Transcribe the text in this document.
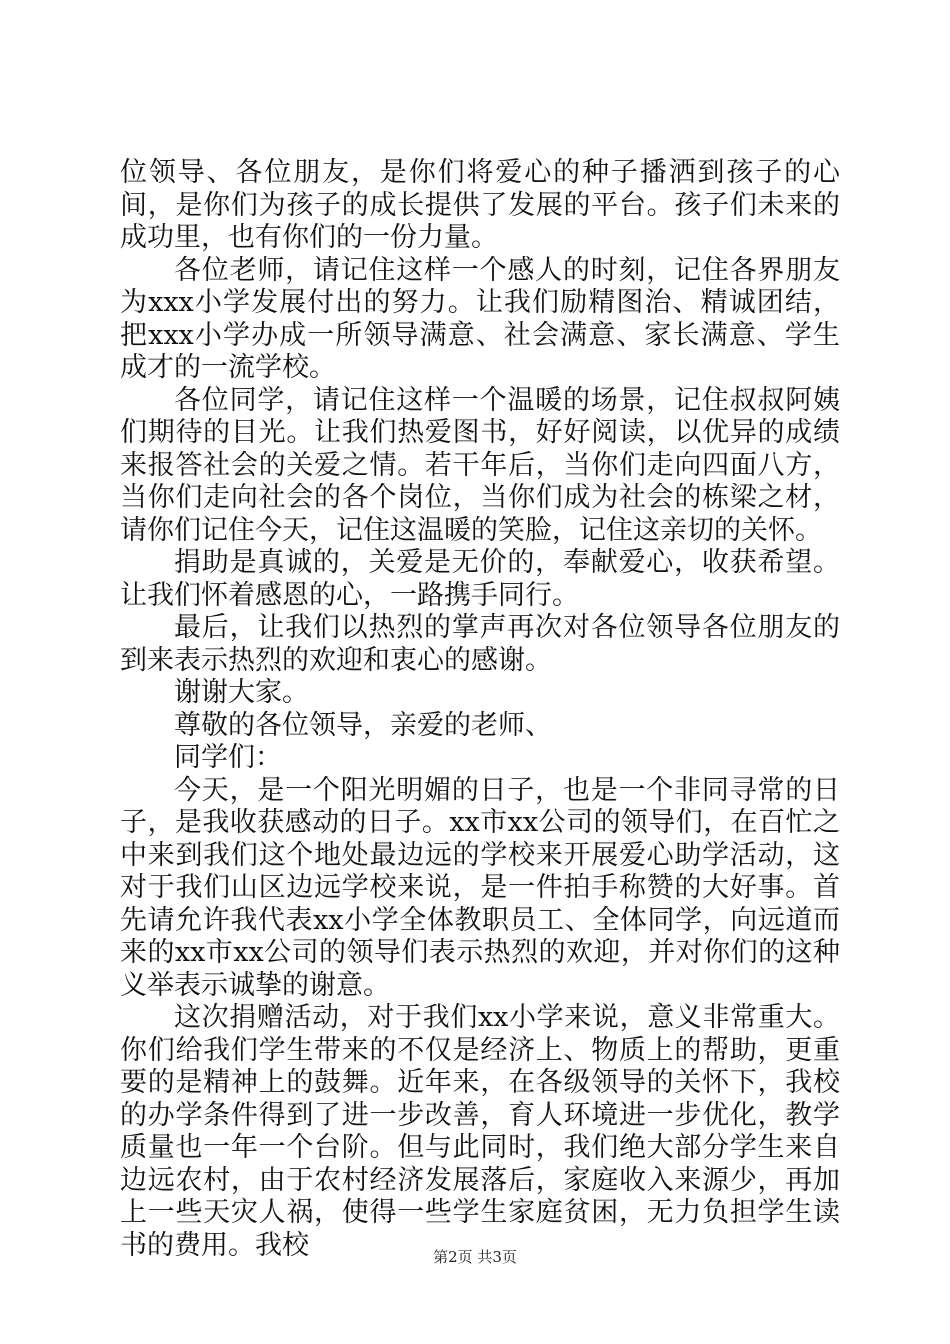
位领导、各位朋友，是你们将爱心的种子播洒到孩子的心间，是你们为孩子的成长提供了发展的平台。孩子们未来的成功里，也有你们的一份力量。

各位老师，请记住这样一个感人的时刻，记住各界朋友为xxx小学发展付出的努力。让我们励精图治、精诚团结，把xxx小学办成一所领导满意、社会满意、家长满意、学生成才的一流学校。

各位同学，请记住这样一个温暖的场景，记住叔叔阿姨们期待的目光。让我们热爱图书，好好阅读，以优异的成绩来报答社会的关爱之情。若干年后，当你们走向四面八方，当你们走向社会的各个岗位，当你们成为社会的栋梁之材，请你们记住今天，记住这温暖的笑脸，记住这亲切的关怀。

捐助是真诚的，关爱是无价的，奉献爱心，收获希望。让我们怀着感恩的心，一路携手同行。

最后，让我们以热烈的掌声再次对各位领导各位朋友的到来表示热烈的欢迎和衷心的感谢。

谢谢大家。

尊敬的各位领导，亲爱的老师、

同学们：

今天，是一个阳光明媚的日子，也是一个非同寻常的日子，是我收获感动的日子。xx市xx公司的领导们，在百忙之中来到我们这个地处最边远的学校来开展爱心助学活动，这对于我们山区边远学校来说，是一件拍手称赞的大好事。首先请允许我代表xx小学全体教职员工、全体同学，向远道而来的xx市xx公司的领导们表示热烈的欢迎，并对你们的这种义举表示诚挚的谢意。

这次捐赠活动，对于我们xx小学来说，意义非常重大。你们给我们学生带来的不仅是经济上、物质上的帮助，更重要的是精神上的鼓舞。近年来，在各级领导的关怀下，我校的办学条件得到了进一步改善，育人环境进一步优化，教学质量也一年一个台阶。但与此同时，我们绝大部分学生来自边远农村，由于农村经济发展落后，家庭收入来源少，再加上一些天灾人祸，使得一些学生家庭贫困，无力负担学生读书的费用。我校	第2页 共3页
